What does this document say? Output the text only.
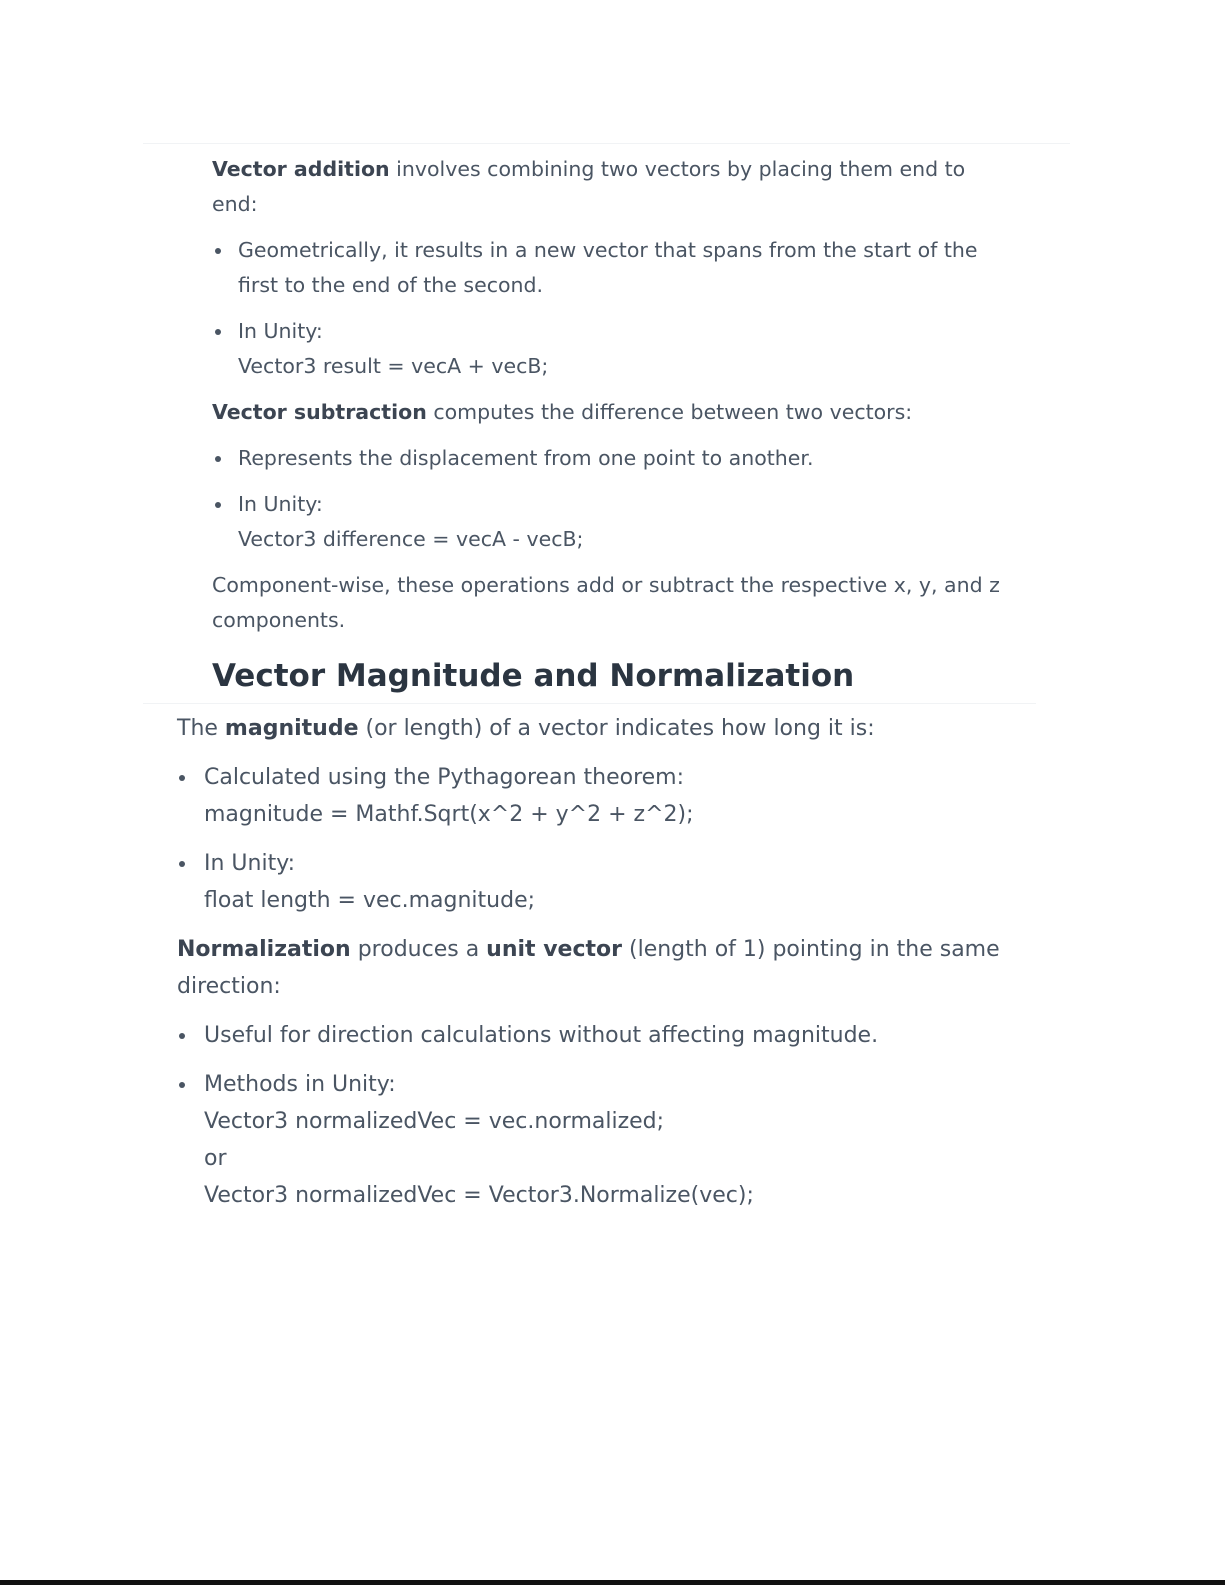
Vector addition involves combining two vectors by placing them end to end:

Geometrically, it results in a new vector that spans from the start of the first to the end of the second.
In Unity:
Vector3 result = vecA + vecB;

Vector subtraction computes the difference between two vectors:

Represents the displacement from one point to another.
In Unity:
Vector3 difference = vecA - vecB;

Component-wise, these operations add or subtract the respective x, y, and z components.

Vector Magnitude and Normalization

The magnitude (or length) of a vector indicates how long it is:

Calculated using the Pythagorean theorem:
magnitude = Mathf.Sqrt(x^2 + y^2 + z^2);
In Unity:
float length = vec.magnitude;

Normalization produces a unit vector (length of 1) pointing in the same direction:

Useful for direction calculations without affecting magnitude.
Methods in Unity:
Vector3 normalizedVec = vec.normalized;
or
Vector3 normalizedVec = Vector3.Normalize(vec);
